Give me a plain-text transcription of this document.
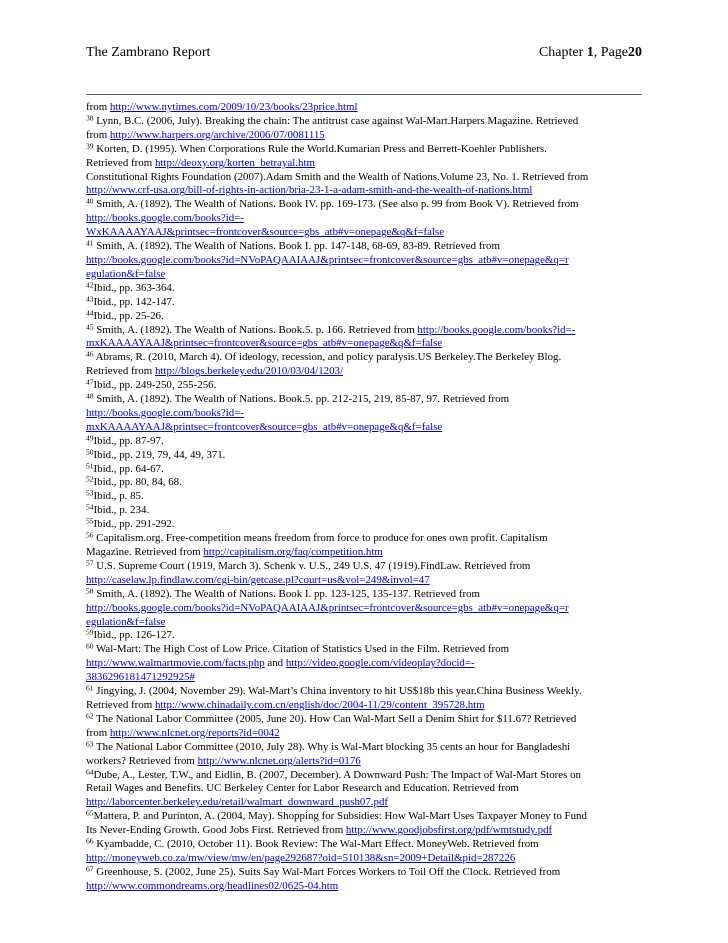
The Zambrano Report	Chapter 1, Page20
from http://www.nytimes.com/2009/10/23/books/23price.html
$^{38}$ Lynn, B.C. (2006, July). Breaking the chain: The antitrust case against Wal-Mart.Harpers Magazine. Retrieved
from http://www.harpers.org/archive/2006/07/0081115
$^{39}$ Korten, D. (1995). When Corporations Rule the World.Kumarian Press and Berrett-Koehler Publishers.
Retrieved from http://deoxy.org/korten_betrayal.htm
Constitutional Rights Foundation (2007).Adam Smith and the Wealth of Nations.Volume 23, No. 1. Retrieved from
http://www.crf-usa.org/bill-of-rights-in-action/bria-23-1-a-adam-smith-and-the-wealth-of-nations.html
$^{40}$ Smith, A. (1892). The Wealth of Nations. Book IV. pp. 169-173. (See also p. 99 from Book V). Retrieved from
http://books.google.com/books?id=-
WxKAAAAYAAJ&printsec=frontcover&source=gbs_atb#v=onepage&q&f=false
$^{41}$ Smith, A. (1892). The Wealth of Nations. Book I. pp. 147-148, 68-69, 83-89. Retrieved from
http://books.google.com/books?id=NVoPAQAAIAAJ&printsec=frontcover&source=gbs_atb#v=onepage&q=r
egulation&f=false
$^{42}$Ibid., pp. 363-364.
$^{43}$Ibid., pp. 142-147.
$^{44}$Ibid., pp. 25-26.
$^{45}$ Smith, A. (1892). The Wealth of Nations. Book.5. p. 166. Retrieved from http://books.google.com/books?id=-
mxKAAAAYAAJ&printsec=frontcover&source=gbs_atb#v=onepage&q&f=false
$^{46}$ Abrams, R. (2010, March 4). Of ideology, recession, and policy paralysis.US Berkeley.The Berkeley Blog.
Retrieved from http://blogs.berkeley.edu/2010/03/04/1203/
$^{47}$Ibid., pp. 249-250, 255-256.
$^{48}$ Smith, A. (1892). The Wealth of Nations. Book.5. pp. 212-215, 219, 85-87, 97. Retrieved from
http://books.google.com/books?id=-
mxKAAAAYAAJ&printsec=frontcover&source=gbs_atb#v=onepage&q&f=false
$^{49}$Ibid., pp. 87-97.
$^{50}$Ibid., pp. 219, 79, 44, 49, 371.
$^{51}$Ibid., pp. 64-67.
$^{52}$Ibid., pp. 80, 84, 68.
$^{53}$Ibid., p. 85.
$^{54}$Ibid., p. 234.
$^{55}$Ibid., pp. 291-292.
$^{56}$ Capitalism.org. Free-competition means freedom from force to produce for ones own profit. Capitalism
Magazine. Retrieved from http://capitalism.org/faq/competition.htm
$^{57}$ U.S. Supreme Court (1919, March 3). Schenk v. U.S., 249 U.S. 47 (1919).FindLaw. Retrieved from
http://caselaw.lp.findlaw.com/cgi-bin/getcase.pl?court=us&vol=249&invol=47
$^{58}$ Smith, A. (1892). The Wealth of Nations. Book I. pp. 123-125, 135-137. Retrieved from
http://books.google.com/books?id=NVoPAQAAIAAJ&printsec=frontcover&source=gbs_atb#v=onepage&q=r
egulation&f=false
$^{59}$Ibid., pp. 126-127.
$^{60}$ Wal-Mart: The High Cost of Low Price. Citation of Statistics Used in the Film. Retrieved from
http://www.walmartmovie.com/facts.php and http://video.google.com/videoplay?docid=-
3836296181471292925#
$^{61}$ Jingying, J. (2004, November 29). Wal-Mart’s China inventory to hit US$18b this year.China Business Weekly.
Retrieved from http://www.chinadaily.com.cn/english/doc/2004-11/29/content_395728.htm
$^{62}$ The National Labor Committee (2005, June 20). How Can Wal-Mart Sell a Denim Shirt for $11.67? Retrieved
from http://www.nlcnet.org/reports?id=0042
$^{63}$ The National Labor Committee (2010, July 28). Why is Wal-Mart blocking 35 cents an hour for Bangladeshi
workers? Retrieved from http://www.nlcnet.org/alerts?id=0176
$^{64}$Dube, A., Lester, T.W., and Eidlin, B. (2007, December). A Downward Push: The Impact of Wal-Mart Stores on
Retail Wages and Benefits. UC Berkeley Center for Labor Research and Education. Retrieved from
http://laborcenter.berkeley.edu/retail/walmart_downward_push07.pdf
$^{65}$Mattera, P. and Purinton, A. (2004, May). Shopping for Subsidies: How Wal-Mart Uses Taxpayer Money to Fund
Its Never-Ending Growth. Good Jobs First. Retrieved from http://www.goodjobsfirst.org/pdf/wmtstudy.pdf
$^{66}$ Kyambadde, C. (2010, October 11). Book Review: The Wal-Mart Effect. MoneyWeb. Retrieved from
http://moneyweb.co.za/mw/view/mw/en/page292687?oid=510138&sn=2009+Detail&pid=287226
$^{67}$ Greenhouse, S. (2002, June 25). Suits Say Wal-Mart Forces Workers to Toil Off the Clock. Retrieved from
http://www.commondreams.org/headlines02/0625-04.htm
